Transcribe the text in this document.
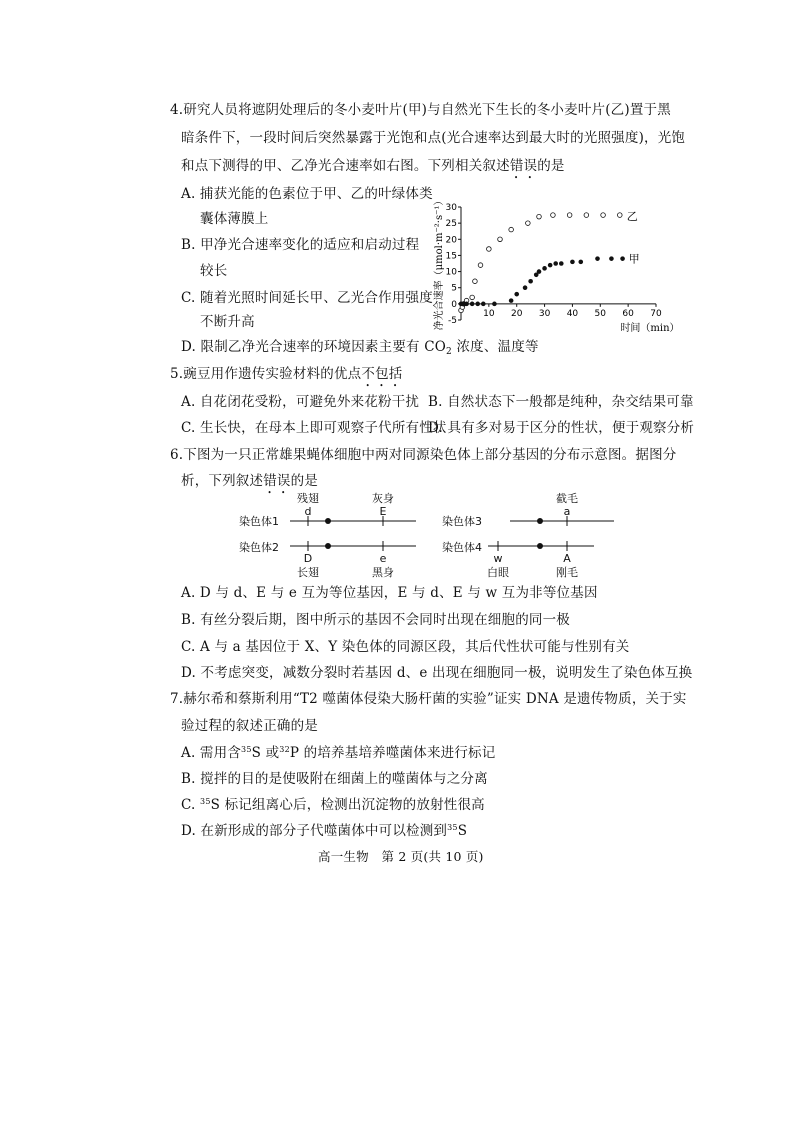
4.研究人员将遮阴处理后的冬小麦叶片(甲)与自然光下生长的冬小麦叶片(乙)置于黑
暗条件下，一段时间后突然暴露于光饱和点(光合速率达到最大时的光照强度)，光饱
和点下测得的甲、乙净光合速率如右图。下列相关叙述错误的是
A. 捕获光能的色素位于甲、乙的叶绿体类
囊体薄膜上
B. 甲净光合速率变化的适应和启动过程
较长
C. 随着光照时间延长甲、乙光合作用强度
不断升高
D. 限制乙净光合速率的环境因素主要有 $CO_2$ 浓度、温度等
-5
0
5
10
15
20
25
30
10 20 30 40 50 60 70
净光合速率（μmol·m⁻²·s⁻¹）	时间（min）
乙
甲
5.豌豆用作遗传实验材料的优点不包括
A. 自花闭花受粉，可避免外来花粉干扰 B. 自然状态下一般都是纯种，杂交结果可靠
C. 生长快，在母本上即可观察子代所有性状
D. 具有多对易于区分的性状，便于观察分析
6.下图为一只正常雄果蝇体细胞中两对同源染色体上部分基因的分布示意图。据图分
析，下列叙述错误的是
染色体1
残翅
d
灰身
E
染色体2
D
长翅
e
黑身
染色体3
截毛
a
染色体4
w
白眼
A
刚毛
A. D 与 d、E 与 e 互为等位基因，E 与 d、E 与 w 互为非等位基因
B. 有丝分裂后期，图中所示的基因不会同时出现在细胞的同一极
C. A 与 a 基因位于 X、Y 染色体的同源区段，其后代性状可能与性别有关
D. 不考虑突变，减数分裂时若基因 d、e 出现在细胞同一极，说明发生了染色体互换
7.赫尔希和蔡斯利用“T2 噬菌体侵染大肠杆菌的实验”证实 DNA 是遗传物质，关于实
验过程的叙述正确的是
A. 需用含$^{35}$S 或$^{32}$P 的培养基培养噬菌体来进行标记
B. 搅拌的目的是使吸附在细菌上的噬菌体与之分离
C. $^{35}$S 标记组离心后，检测出沉淀物的放射性很高
D. 在新形成的部分子代噬菌体中可以检测到$^{35}$S
高一生物　第 2 页(共 10 页)
